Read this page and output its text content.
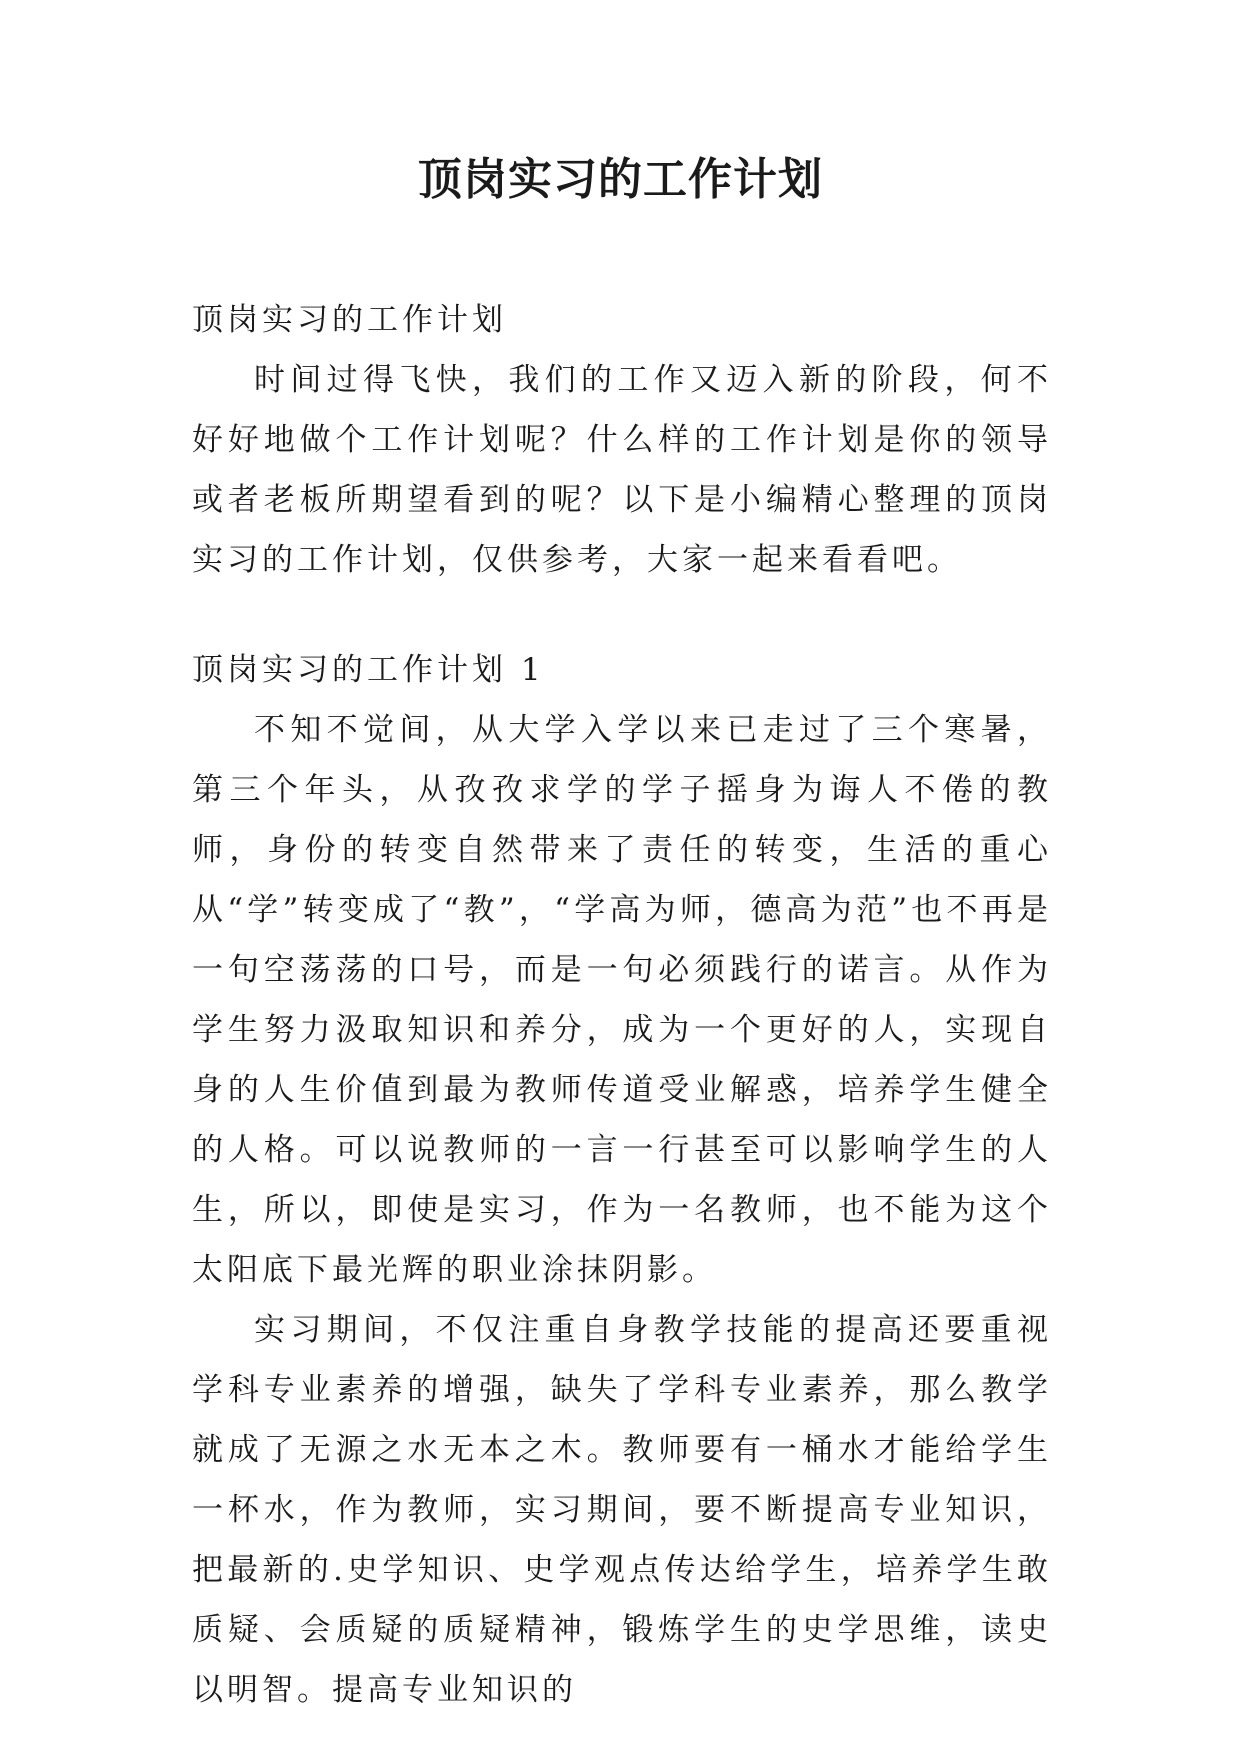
顶岗实习的工作计划

顶岗实习的工作计划

时间过得飞快，我们的工作又迈入新的阶段，何不好好地做个工作计划呢？什么样的工作计划是你的领导或者老板所期望看到的呢？以下是小编精心整理的顶岗实习的工作计划，仅供参考，大家一起来看看吧。

顶岗实习的工作计划 1

不知不觉间，从大学入学以来已走过了三个寒暑，第三个年头，从孜孜求学的学子摇身为诲人不倦的教师，身份的转变自然带来了责任的转变，生活的重心从“学”转变成了“教”，“学高为师，德高为范”也不再是一句空荡荡的口号，而是一句必须践行的诺言。从作为学生努力汲取知识和养分，成为一个更好的人，实现自身的人生价值到最为教师传道受业解惑，培养学生健全的人格。可以说教师的一言一行甚至可以影响学生的人生，所以，即使是实习，作为一名教师，也不能为这个太阳底下最光辉的职业涂抹阴影。

实习期间，不仅注重自身教学技能的提高还要重视学科专业素养的增强，缺失了学科专业素养，那么教学就成了无源之水无本之木。教师要有一桶水才能给学生一杯水，作为教师，实习期间，要不断提高专业知识，把最新的.史学知识、史学观点传达给学生，培养学生敢质疑、会质疑的质疑精神，锻炼学生的史学思维，读史以明智。提高专业知识的
